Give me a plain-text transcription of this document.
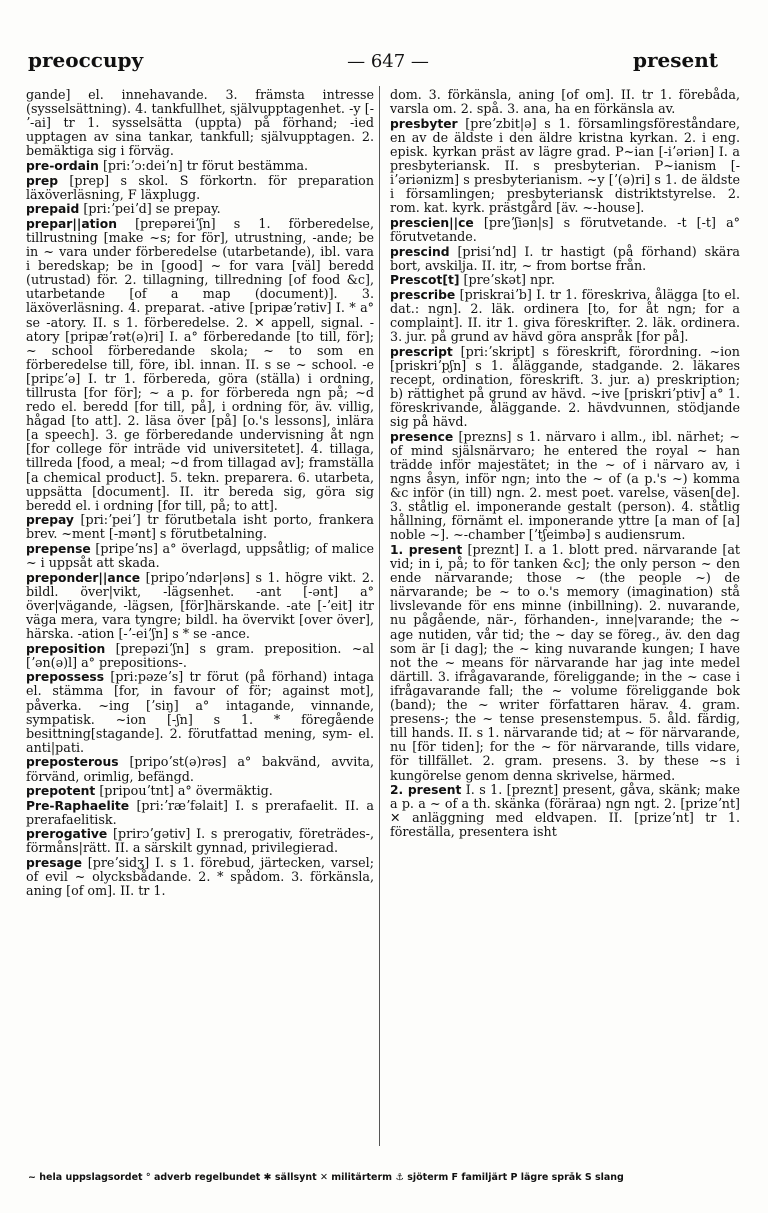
preoccupy	— 647 —	present

gande] el. innehavande. 3. främsta intresse (sysselsättning). 4. tankfullhet, självupptagenhet. -y [-ʼ-ai] tr 1. sysselsätta (uppta) på förhand; -ied upptagen av sina tankar, tankfull; självupptagen. 2. bemäktiga sig i förväg.

pre-ordain [pri:ʼɔ:deiʼn] tr förut bestämma.

prep [prep] s skol. S förkortn. för preparation läxöverläsning, F läxplugg.

prepaid [pri:ʼpeiʼd] se prepay.

prepar||ation [prepəreiʼʃn] s 1. förberedelse, tillrustning [make ~s; for för], utrustning, -ande; be in ~ vara under förberedelse (utarbetande), ibl. vara i beredskap; be in [good] ~ for vara [väl] beredd (utrustad) för. 2. tillagning, tillredning [of food &c], utarbetande [of a map (document)]. 3. läxöverläsning. 4. preparat. -ative [pripæʼrətiv] I. * a° se -atory. II. s 1. förberedelse. 2. ✕ appell, signal. -atory [pripæʼrət(ə)ri] I. a° förberedande [to till, för]; ~ school förberedande skola; ~ to som en förberedelse till, före, ibl. innan. II. s se ~ school. -e [pripɛʼə] I. tr 1. förbereda, göra (ställa) i ordning, tillrusta [for för]; ~ a p. for förbereda ngn på; ~d redo el. beredd [for till, på], i ordning för, äv. villig, hågad [to att]. 2. läsa över [på] [o.'s lessons], inlära [a speech]. 3. ge förberedande undervisning åt ngn [for college för inträde vid universitetet]. 4. tillaga, tillreda [food, a meal; ~d from tillagad av]; framställa [a chemical product]. 5. tekn. preparera. 6. utarbeta, uppsätta [document]. II. itr bereda sig, göra sig beredd el. i ordning [for till, på; to att].

prepay [pri:ʼpeiʼ] tr förutbetala isht porto, frankera brev. ~ment [-mənt] s förutbetalning.

prepense [pripeʼns] a° överlagd, uppsåtlig; of malice ~ i uppsåt att skada.

preponder||ance [pripoʼndər|əns] s 1. högre vikt. 2. bildl. över|vikt, -lägsenhet. -ant [-ənt] a° över|vägande, -lägsen, [för]härskande. -ate [-ʼeit] itr väga mera, vara tyngre; bildl. ha övervikt [over över], härska. -ation [-ʼ-eiʼʃn] s * se -ance.

preposition [prepəziʼʃn] s gram. preposition. ~al [ʼən(ə)l] a° prepositions-.

prepossess [pri:pəzeʼs] tr förut (på förhand) intaga el. stämma [for, in favour of för; against mot], påverka. ~ing [ʼsiŋ] a° intagande, vinnande, sympatisk. ~ion [-ʃn] s 1. * föregående besittning[stagande]. 2. förutfattad mening, sym- el. anti|pati.

preposterous [pripoʼst(ə)rəs] a° bakvänd, avvita, förvänd, orimlig, befängd.

prepotent [pripouʼtnt] a° övermäktig.

Pre-Raphaelite [pri:ʼræʼfəlait] I. s prerafaelit. II. a prerafaelitisk.

prerogative [prirɔʼgətiv] I. s prerogativ, företrädes-, förmåns|rätt. II. a särskilt gynnad, privilegierad.

presage [preʼsidʒ] I. s 1. förebud, järtecken, varsel; of evil ~ olycksbådande. 2. * spådom. 3. förkänsla, aning [of om]. II. tr 1.

dom. 3. förkänsla, aning [of om]. II. tr 1. förebåda, varsla om. 2. spå. 3. ana, ha en förkänsla av.

presbyter [preʼzbit|ə] s 1. församlingsföreståndare, en av de äldste i den äldre kristna kyrkan. 2. i eng. episk. kyrkan präst av lägre grad. P~ian [-iʼəriən] I. a presbyteriansk. II. s presbyterian. P~ianism [-iʼəriənizm] s presbyterianism. ~y [ʼ(ə)ri] s 1. de äldste i församlingen; presbyteriansk distriktstyrelse. 2. rom. kat. kyrk. prästgård [äv. ~-house].

prescien||ce [preʼʃiən|s] s förutvetande. -t [-t] a° förutvetande.

prescind [prisiʼnd] I. tr hastigt (på förhand) skära bort, avskilja. II. itr, ~ from bortse från.

Prescot[t] [preʼskət] npr.

prescribe [priskraiʼb] I. tr 1. föreskriva, ålägga [to el. dat.: ngn]. 2. läk. ordinera [to, for åt ngn; for a complaint]. II. itr 1. giva föreskrifter. 2. läk. ordinera. 3. jur. på grund av hävd göra anspråk [for på].

prescript [pri:ʼskript] s föreskrift, förordning. ~ion [priskriʼpʃn] s 1. åläggande, stadgande. 2. läkares recept, ordination, föreskrift. 3. jur. a) preskription; b) rättighet på grund av hävd. ~ive [priskriʼptiv] a° 1. föreskrivande, åläggande. 2. hävdvunnen, stödjande sig på hävd.

presence [prezns] s 1. närvaro i allm., ibl. närhet; ~ of mind själsnärvaro; he entered the royal ~ han trädde inför majestätet; in the ~ of i närvaro av, i ngns åsyn, inför ngn; into the ~ of (a p.'s ~) komma &c inför (in till) ngn. 2. mest poet. varelse, väsen[de]. 3. ståtlig el. imponerande gestalt (person). 4. ståtlig hållning, förnämt el. imponerande yttre [a man of [a] noble ~]. ~-chamber [ʼtʃeimbə] s audiensrum.

1. present [preznt] I. a 1. blott pred. närvarande [at vid; in i, på; to för tanken &c]; the only person ~ den ende närvarande; those ~ (the people ~) de närvarande; be ~ to o.'s memory (imagination) stå livslevande för ens minne (inbillning). 2. nuvarande, nu pågående, när-, förhanden-, inne|varande; the ~ age nutiden, vår tid; the ~ day se föreg., äv. den dag som är [i dag]; the ~ king nuvarande kungen; I have not the ~ means för närvarande har jag inte medel därtill. 3. ifrågavarande, föreliggande; in the ~ case i ifrågavarande fall; the ~ volume föreliggande bok (band); the ~ writer författaren härav. 4. gram. presens-; the ~ tense presenstempus. 5. åld. färdig, till hands. II. s 1. närvarande tid; at ~ för närvarande, nu [för tiden]; for the ~ för närvarande, tills vidare, för tillfället. 2. gram. presens. 3. by these ~s i kungörelse genom denna skrivelse, härmed.

2. present I. s 1. [preznt] present, gåva, skänk; make a p. a ~ of a th. skänka (föräraa) ngn ngt. 2. [prizeʼnt] ✕ anläggning med eldvapen. II. [prizeʼnt] tr 1. föreställa, presentera isht

~ hela uppslagsordet ° adverb regelbundet ✱ sällsynt ✕ militärterm ⚓ sjöterm F familjärt P lägre språk S slang
